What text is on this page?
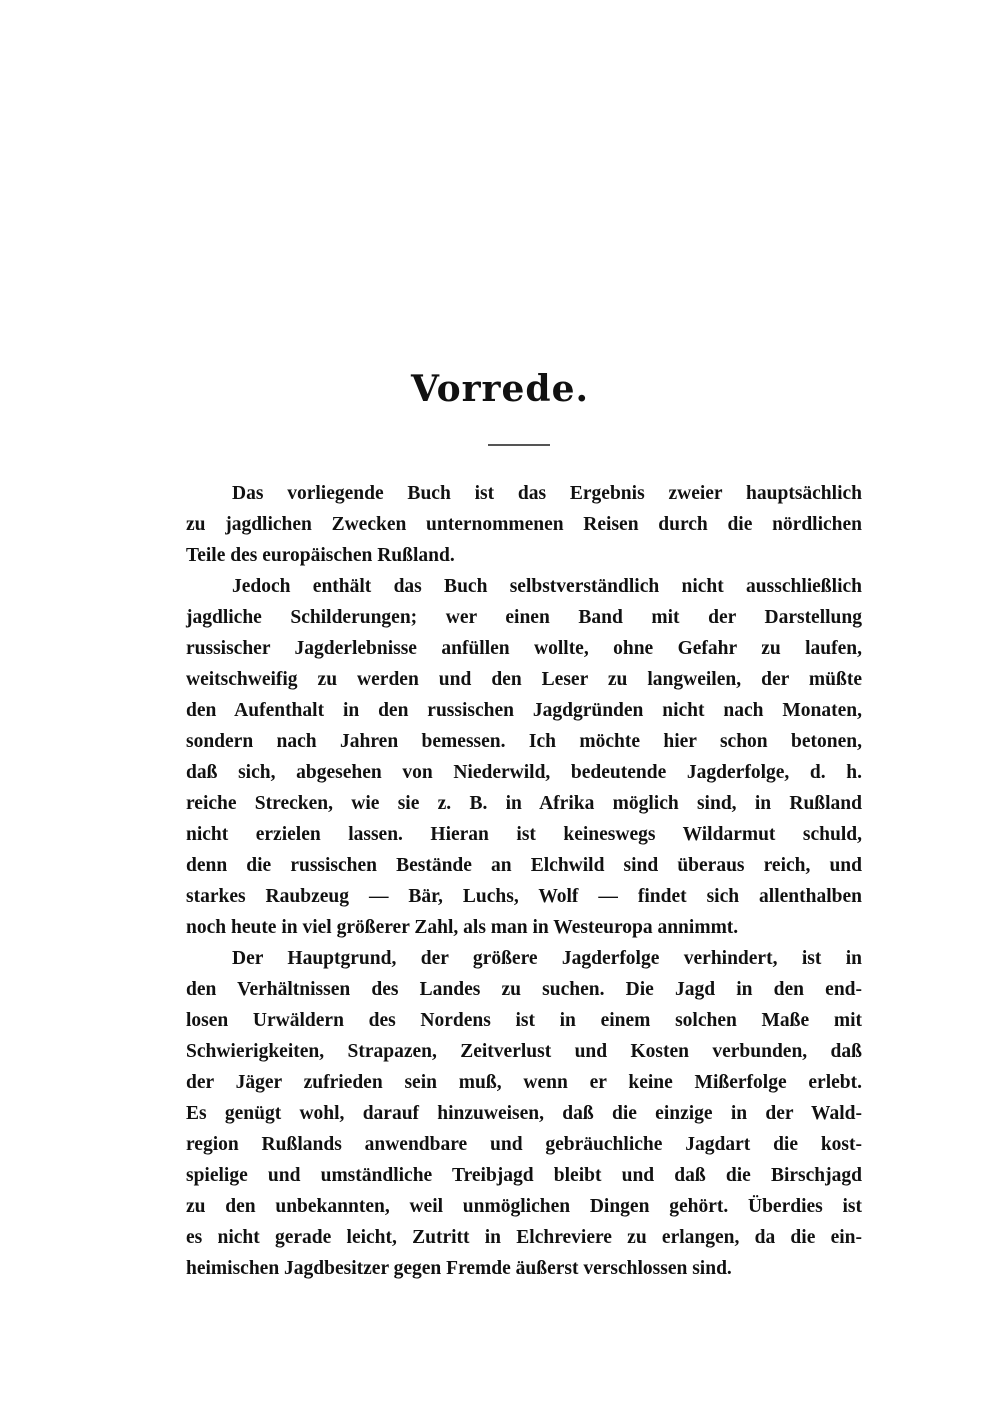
Vorrede.
Das vorliegende Buch ist das Ergebnis zweier hauptsächlich
zu jagdlichen Zwecken unternommenen Reisen durch die nördlichen
Teile des europäischen Rußland.
Jedoch enthält das Buch selbstverständlich nicht ausschließlich
jagdliche Schilderungen; wer einen Band mit der Darstellung
russischer Jagderlebnisse anfüllen wollte, ohne Gefahr zu laufen,
weitschweifig zu werden und den Leser zu langweilen, der müßte
den Aufenthalt in den russischen Jagdgründen nicht nach Monaten,
sondern nach Jahren bemessen. Ich möchte hier schon betonen,
daß sich, abgesehen von Niederwild, bedeutende Jagderfolge, d. h.
reiche Strecken, wie sie z. B. in Afrika möglich sind, in Rußland
nicht erzielen lassen. Hieran ist keineswegs Wildarmut schuld,
denn die russischen Bestände an Elchwild sind überaus reich, und
starkes Raubzeug — Bär, Luchs, Wolf — findet sich allenthalben
noch heute in viel größerer Zahl, als man in Westeuropa annimmt.
Der Hauptgrund, der größere Jagderfolge verhindert, ist in
den Verhältnissen des Landes zu suchen. Die Jagd in den end-
losen Urwäldern des Nordens ist in einem solchen Maße mit
Schwierigkeiten, Strapazen, Zeitverlust und Kosten verbunden, daß
der Jäger zufrieden sein muß, wenn er keine Mißerfolge erlebt.
Es genügt wohl, darauf hinzuweisen, daß die einzige in der Wald-
region Rußlands anwendbare und gebräuchliche Jagdart die kost-
spielige und umständliche Treibjagd bleibt und daß die Birschjagd
zu den unbekannten, weil unmöglichen Dingen gehört. Überdies ist
es nicht gerade leicht, Zutritt in Elchreviere zu erlangen, da die ein-
heimischen Jagdbesitzer gegen Fremde äußerst verschlossen sind.
